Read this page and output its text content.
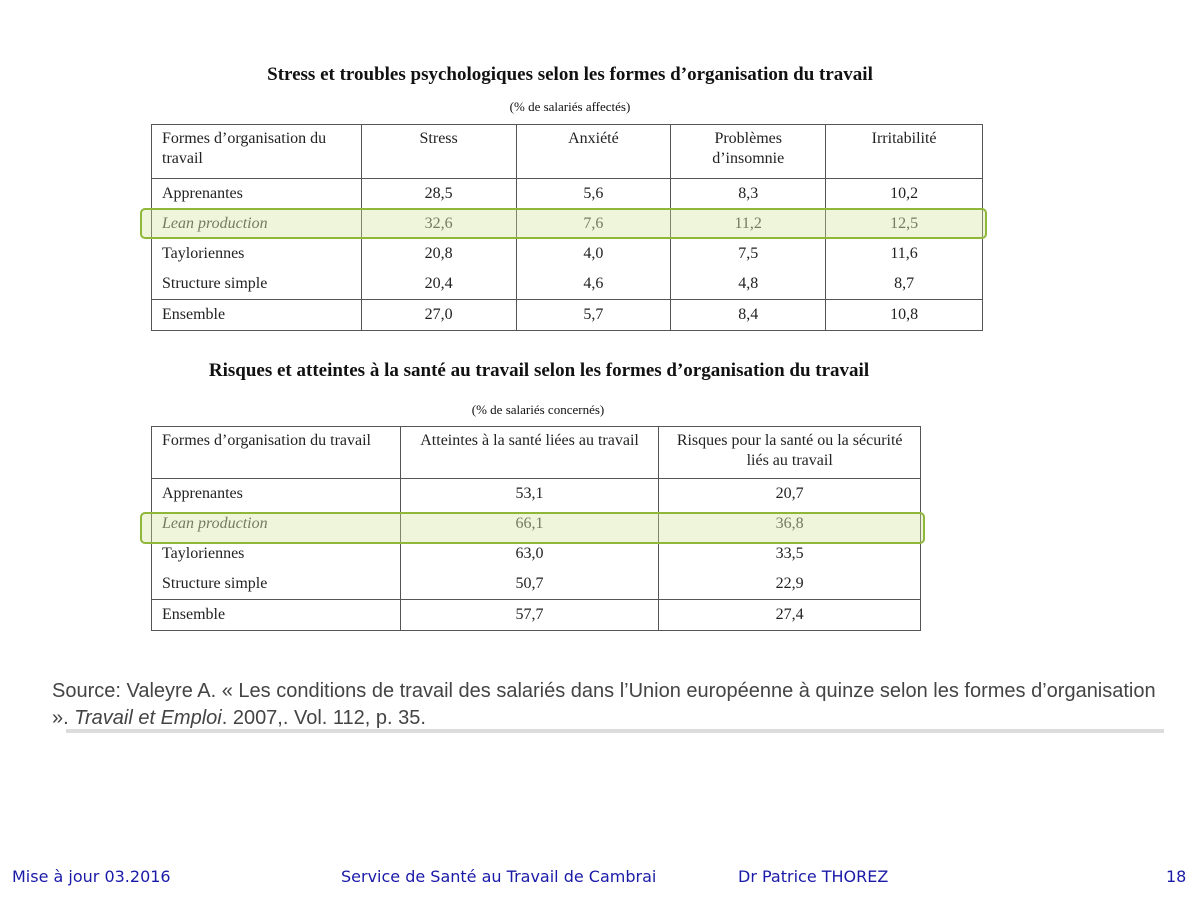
Stress et troubles psychologiques selon les formes d’organisation du travail
(% de salariés affectés)
Formes d’organisation du travail	Stress	Anxiété	Problèmes d’insomnie	Irritabilité
Apprenantes	28,5	5,6	8,3	10,2
Lean production	32,6	7,6	11,2	12,5
Tayloriennes	20,8	4,0	7,5	11,6
Structure simple	20,4	4,6	4,8	8,7
Ensemble	27,0	5,7	8,4	10,8
Risques et atteintes à la santé au travail selon les formes d’organisation du travail
(% de salariés concernés)
Formes d’organisation du travail	Atteintes à la santé liées au travail	Risques pour la santé ou la sécurité liés au travail
Apprenantes	53,1	20,7
Lean production	66,1	36,8
Tayloriennes	63,0	33,5
Structure simple	50,7	22,9
Ensemble	57,7	27,4
Source: Valeyre A. « Les conditions de travail des salariés dans l’Union européenne à quinze selon les formes d’organisation ». Travail et Emploi. 2007,. Vol. 112, p. 35.
Mise à jour 03.2016	Service de Santé au Travail de Cambrai	Dr Patrice THOREZ	18
